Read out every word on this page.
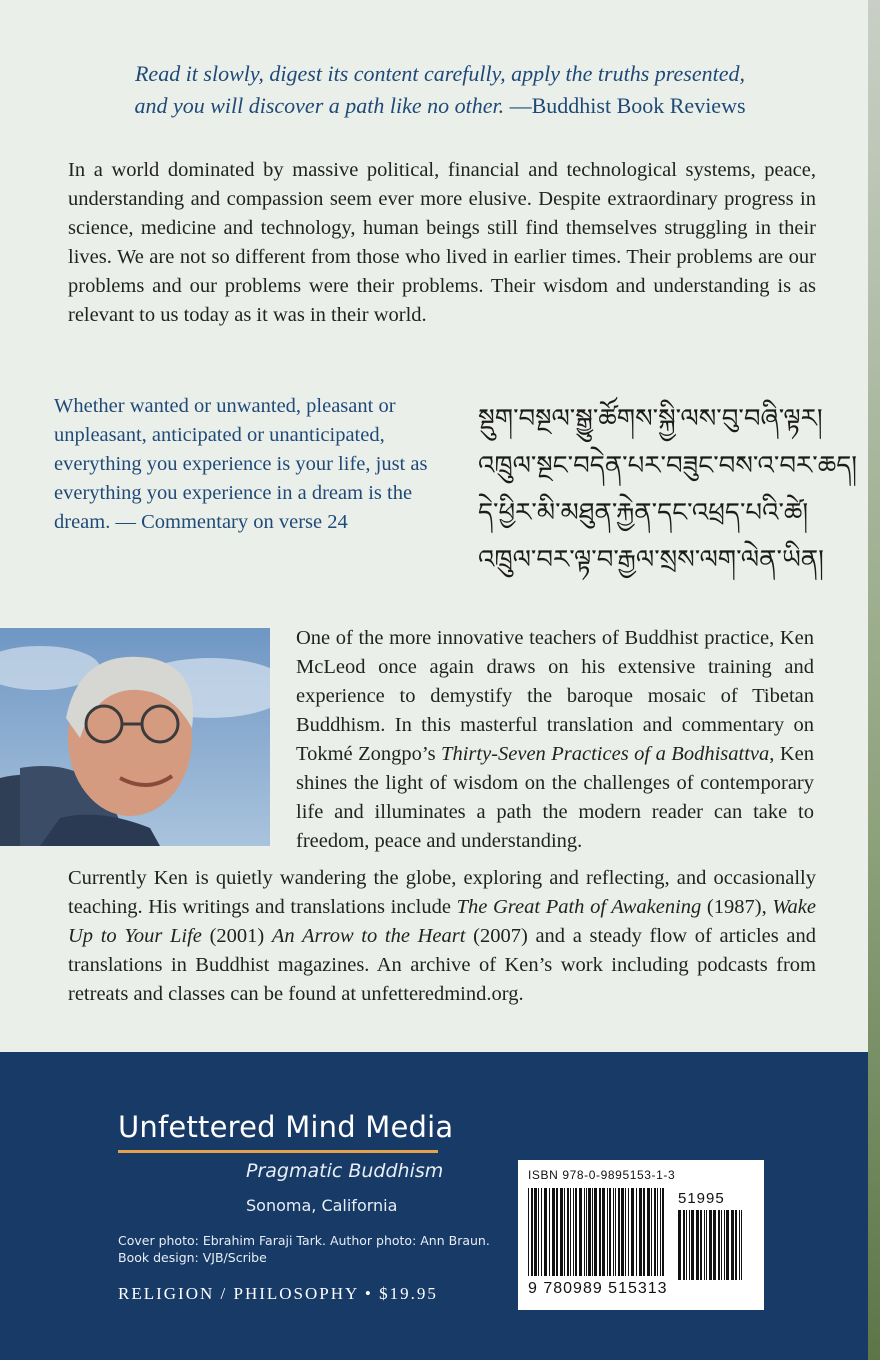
Read it slowly, digest its content carefully, apply the truths presented,
and you will discover a path like no other. —Buddhist Book Reviews
In a world dominated by massive political, financial and technological systems, peace, understanding and compassion seem ever more elusive. Despite extraordinary progress in science, medicine and technology, human beings still find themselves struggling in their lives. We are not so different from those who lived in earlier times. Their problems are our problems and our problems were their problems. Their wisdom and understanding is as relevant to us today as it was in their world.
Whether wanted or unwanted, pleasant or unpleasant, anticipated or unanticipated, everything you experience is your life, just as everything you experience in a dream is the dream. — Commentary on verse 24
སྡུག་བསྔལ་སྒྱུ་ཚོགས་སྐྱི་ལས་བུ་བཞི་ལྟར།
འཁྲུལ་སྔང་བདེན་པར་བཟུང་བས་འ་བར་ཆད།
དེ་ཕྱིར་མི་མཐུན་རྐྱེན་དང་འཕྲད་པའི་ཚེ།
འཁྲུལ་བར་ལྟ་བ་རྒྱལ་སྲས་ལག་ལེན་ཡིན།
One of the more innovative teachers of Buddhist practice, Ken McLeod once again draws on his extensive training and experience to demystify the baroque mosaic of Tibetan Buddhism. In this masterful translation and commentary on Tokmé Zongpo’s Thirty-Seven Practices of a Bodhisattva, Ken shines the light of wisdom on the challenges of contemporary life and illuminates a path the modern reader can take to freedom, peace and understanding.
Currently Ken is quietly wandering the globe, exploring and reflecting, and occasionally teaching. His writings and translations include The Great Path of Awakening (1987), Wake Up to Your Life (2001) An Arrow to the Heart (2007) and a steady flow of articles and translations in Buddhist magazines. An archive of Ken’s work including podcasts from retreats and classes can be found at unfetteredmind.org.
Unfettered Mind Media
Pragmatic Buddhism
Sonoma, California
Cover photo: Ebrahim Faraji Tark. Author photo: Ann Braun.
Book design: VJB/Scribe
RELIGION / PHILOSOPHY • $19.95
ISBN 978-0-9895153-1-3
51995
9 780989 515313
